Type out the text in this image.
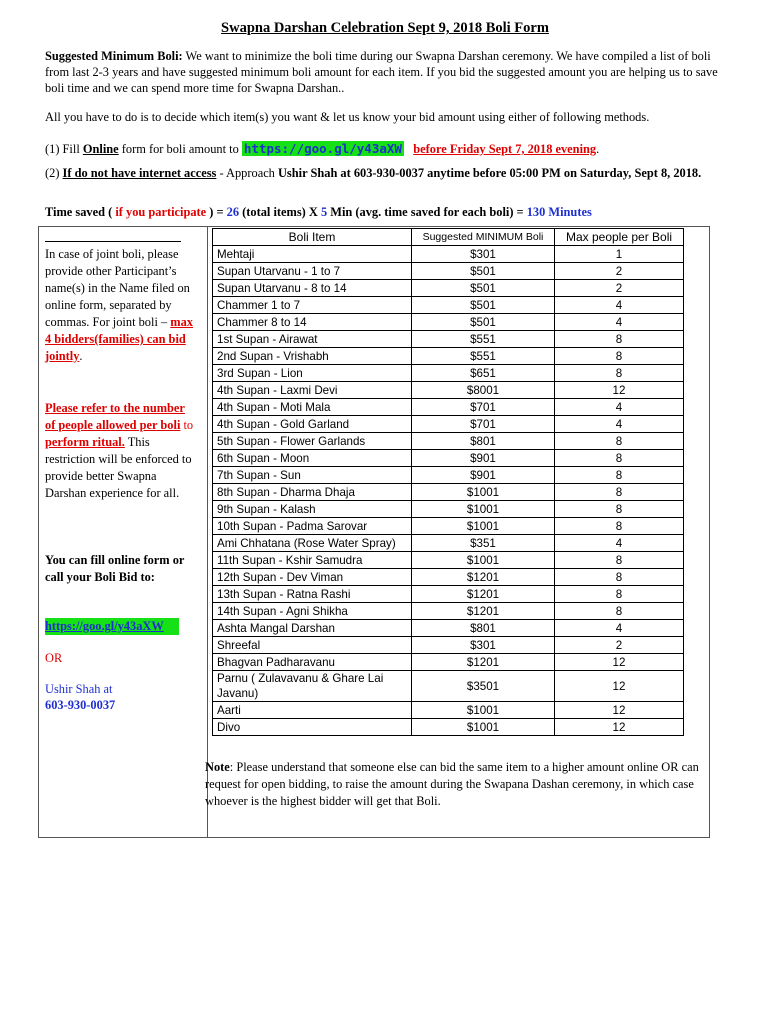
Swapna Darshan Celebration Sept 9, 2018 Boli Form
Suggested Minimum Boli: We want to minimize the boli time during our Swapna Darshan ceremony. We have compiled a list of boli from last 2-3 years and have suggested minimum boli amount for each item. If you bid the suggested amount you are helping us to save boli time and we can spend more time for Swapna Darshan..
All you have to do is to decide which item(s) you want & let us know your bid amount using either of following methods.
(1) Fill Online form for boli amount to https://goo.gl/y43aXW before Friday Sept 7, 2018 evening.
(2) If do not have internet access - Approach Ushir Shah at 603-930-0037 anytime before 05:00 PM on Saturday, Sept 8, 2018.
Time saved ( if you participate ) = 26 (total items) X 5 Min (avg. time saved for each boli) = 130 Minutes
In case of joint boli, please provide other Participant’s name(s) in the Name filed on online form, separated by commas. For joint boli – max 4 bidders(families) can bid jointly.
Please refer to the number of people allowed per boli to perform ritual. This restriction will be enforced to provide better Swapna Darshan experience for all.
You can fill online form or call your Boli Bid to:
https://goo.gl/y43aXW
OR
Ushir Shah at
603-930-0037
Boli Item	Suggested MINIMUM Boli	Max people per Boli
Mehtaji	$301	1
Supan Utarvanu - 1 to 7	$501	2
Supan Utarvanu - 8 to 14	$501	2
Chammer 1 to 7	$501	4
Chammer 8 to 14	$501	4
1st Supan - Airawat	$551	8
2nd Supan - Vrishabh	$551	8
3rd Supan - Lion	$651	8
4th Supan - Laxmi Devi	$8001	12
4th Supan - Moti Mala	$701	4
4th Supan - Gold Garland	$701	4
5th Supan - Flower Garlands	$801	8
6th Supan - Moon	$901	8
7th Supan - Sun	$901	8
8th Supan - Dharma Dhaja	$1001	8
9th Supan - Kalash	$1001	8
10th Supan - Padma Sarovar	$1001	8
Ami Chhatana (Rose Water Spray)	$351	4
11th Supan - Kshir Samudra	$1001	8
12th Supan - Dev Viman	$1201	8
13th Supan - Ratna Rashi	$1201	8
14th Supan - Agni Shikha	$1201	8
Ashta Mangal Darshan	$801	4
Shreefal	$301	2
Bhagvan Padharavanu	$1201	12
Parnu ( Zulavavanu & Ghare Lai Javanu)	$3501	12
Aarti	$1001	12
Divo	$1001	12
Note: Please understand that someone else can bid the same item to a higher amount online OR can request for open bidding, to raise the amount during the Swapana Dashan ceremony, in which case whoever is the highest bidder will get that Boli.
